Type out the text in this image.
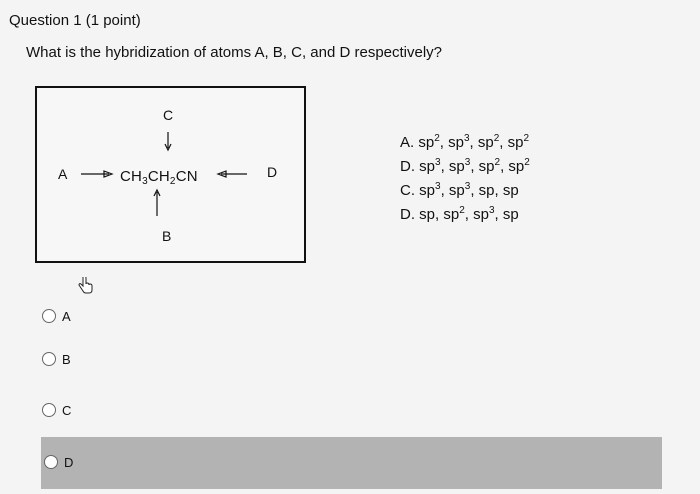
Question 1 (1 point)
What is the hybridization of atoms A, B, C, and D respectively?
C
A	D
B
$CH_3CH_2CN$
A. $sp^2$, $sp^3$, $sp^2$, $sp^2$
D. $sp^3$, $sp^3$, $sp^2$, $sp^2$
C. $sp^3$, $sp^3$, sp, sp
D. sp, $sp^2$, $sp^3$, sp
A
B
C
D
